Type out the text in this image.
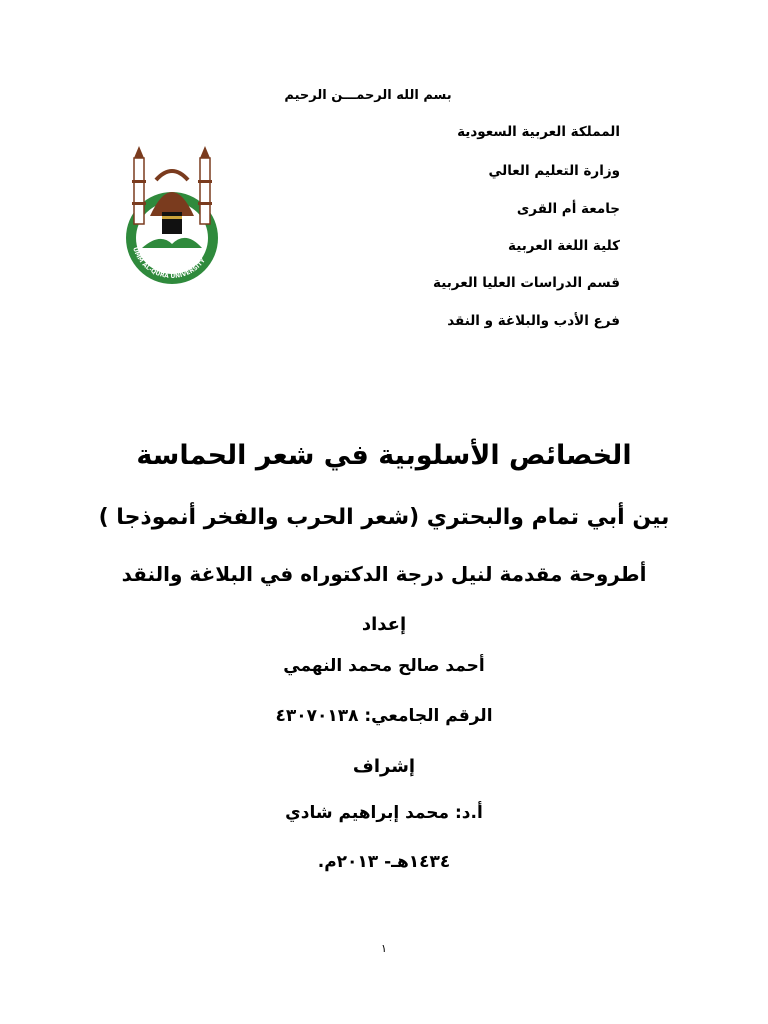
بسم الله الرحمـــن الرحيم
المملكة العربية السعودية
وزارة التعليم العالي
جامعة أم القرى
كلية اللغة العربية
قسم الدراسات العليا العربية
فرع الأدب والبلاغة و النقد
UMM AL-QURA UNIVERSITY
الخصائص الأسلوبية في شعر الحماسة
بين أبي تمام والبحتري (شعر الحرب والفخر أنموذجا )
أطروحة مقدمة لنيل درجة الدكتوراه في البلاغة والنقد
إعداد
أحمد صالح محمد النهمي
الرقم الجامعي: ٤٣٠٧٠١٣٨
إشراف
أ.د: محمد إبراهيم شادي
١٤٣٤هـ- ٢٠١٣م.
١
